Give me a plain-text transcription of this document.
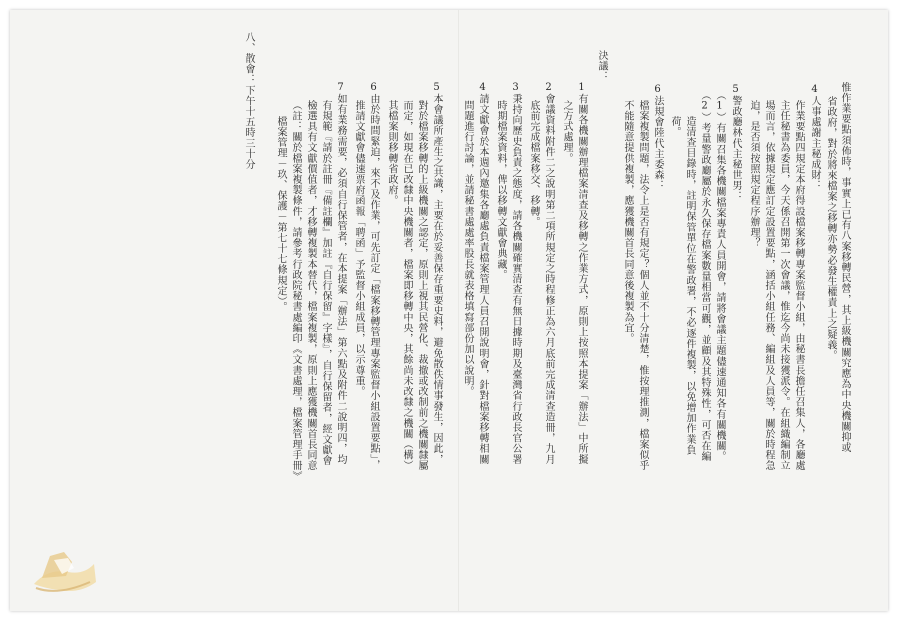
惟作業要點須佈時，事實上已有八案移轉民營，其上級機關究應為中央機關抑或
省政府，對於將來檔案之移轉亦勢必發生權責上之疑義。
4人事處謝主秘成財：
作業要點四規定本府得設檔案移轉專案監督小組，由秘書長擔任召集人，各廳處
主任秘書為委員，今天係召開第一次會議，惟迄今尚未接獲派令。在組織編制立
場而言，依據規定應訂定設置要點，涵括小組任務、編組及人員等，關於時程急
迫，是否須按照規定程序辦理？
5警政廳林代主秘世男：
（1）有關召集各機關檔案專責人員開會，請將會議主題儘速通知各有關機關。
（2）考量警政廳屬於永久保存檔案數量相當可觀，並顧及其特殊性，可否在編
造清查目錄時，註明保管單位在警政署，不必逐件複製，以免增加作業負
荷。
6法規會陸代主委森：
檔案複製問題，法令上是否有規定？個人並不十分清楚，惟按理推測，檔案似乎
不能隨意提供複製，應獲機關首長同意後複製為宜。
決議：
1有關各機關辦理檔案清查及移轉之作業方式，原則上按照本提案「辦法」中所擬
之方式處理。
2會議資料附件二之說明第二項所規定之時程修正為六月底前完成清查造冊，九月
底前完成檔案移交、移轉。
3秉持向歷史負責之態度，請各機關確實清查有無日據時期及臺灣省行政長官公署
時期檔案資料，俾以移轉文獻會典藏。
4請文獻會於本週內邀集各廳處負責檔案管理人員召開說明會，針對檔案移轉相關
問題進行討論，並請秘書處處率股長就表格填寫部份加以說明。
5本會議所產生之共識，主要在於妥善保存重要史料，避免散佚情事發生，因此，
對於檔案移轉的上級機關之認定，原則上視其民營化、裁撤或改制前之機關隸屬
而定，如現在已改隸中央機關者，檔案即移轉中央，其餘尚未改隸之機關（構）
其檔案則移轉省政府。
6由於時間緊迫，來不及作業，可先訂定「檔案移轉管理專案監督小組設置要點」，
推請文獻會儘速票府函報「聘函」予監督小組成員，以示尊重。
7如有業務需要，必須自行保管者，在本提案「辦法」第六點及附件二說明四，均
有規範『請於註冊『備註欄』加註『自行保留』字樣』，自行保留者，經文獻會
檢選具有文獻價值者，才移轉複製本替代，檔案複製，原則上應獲機關首長同意
（註：關於檔案複製條件，請參考行政院秘書處編印《文書處理，檔案管理手冊》
檔案管理－玖、保護－第七十七條規定）。
八、散會：下午十五時三十分
